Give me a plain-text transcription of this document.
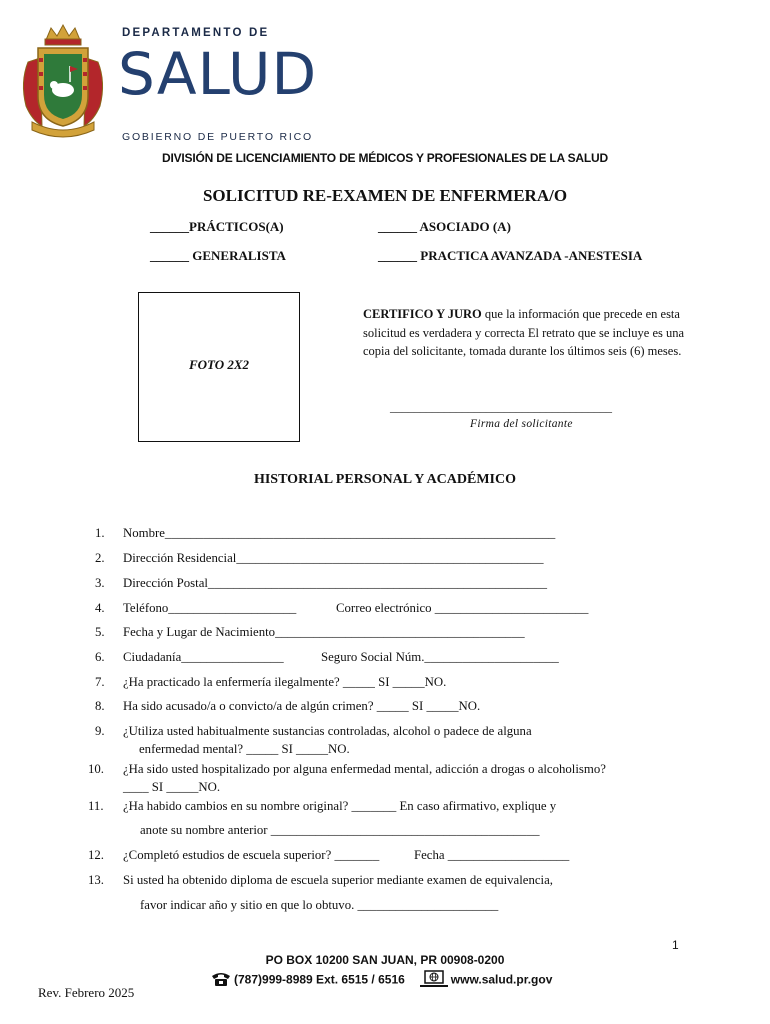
DEPARTAMENTO DE
SALUD
GOBIERNO DE PUERTO RICO
DIVISIÓN DE LICENCIAMIENTO DE MÉDICOS Y PROFESIONALES DE LA SALUD
SOLICITUD RE-EXAMEN DE ENFERMERA/O
______PRÁCTICOS(A)	______ ASOCIADO (A)
______ GENERALISTA	______ PRACTICA AVANZADA -ANESTESIA
FOTO 2X2
CERTIFICO Y JURO que la información que precede en esta solicitud es verdadera y correcta El retrato que se incluye es una copia del solicitante, tomada durante los últimos seis (6) meses.
_____________________________________
Firma del solicitante
HISTORIAL PERSONAL Y ACADÉMICO
1. Nombre_____________________________________________________________
2. Dirección Residencial________________________________________________
3. Dirección Postal_____________________________________________________
4. Teléfono____________________	Correo electrónico ________________________
5. Fecha y Lugar de Nacimiento_______________________________________
6. Ciudadanía________________	Seguro Social Núm._____________________
7. ¿Ha practicado la enfermería ilegalmente? _____ SI _____NO.
8. Ha sido acusado/a o convicto/a de algún crimen? _____ SI _____NO.
9. ¿Utiliza usted habitualmente sustancias controladas, alcohol o padece de alguna
enfermedad mental? _____ SI _____NO.
10. ¿Ha sido usted hospitalizado por alguna enfermedad mental, adicción a drogas o alcoholismo?
____ SI _____NO.
11. ¿Ha habido cambios en su nombre original? _______ En caso afirmativo, explique y
anote su nombre anterior __________________________________________
12. ¿Completó estudios de escuela superior? _______	Fecha ___________________
13. Si usted ha obtenido diploma de escuela superior mediante examen de equivalencia,
favor indicar año y sitio en que lo obtuvo. ______________________
1
PO BOX 10200 SAN JUAN, PR 00908-0200
(787)999-8989 Ext. 6515 / 6516	www.salud.pr.gov
Rev. Febrero 2025
